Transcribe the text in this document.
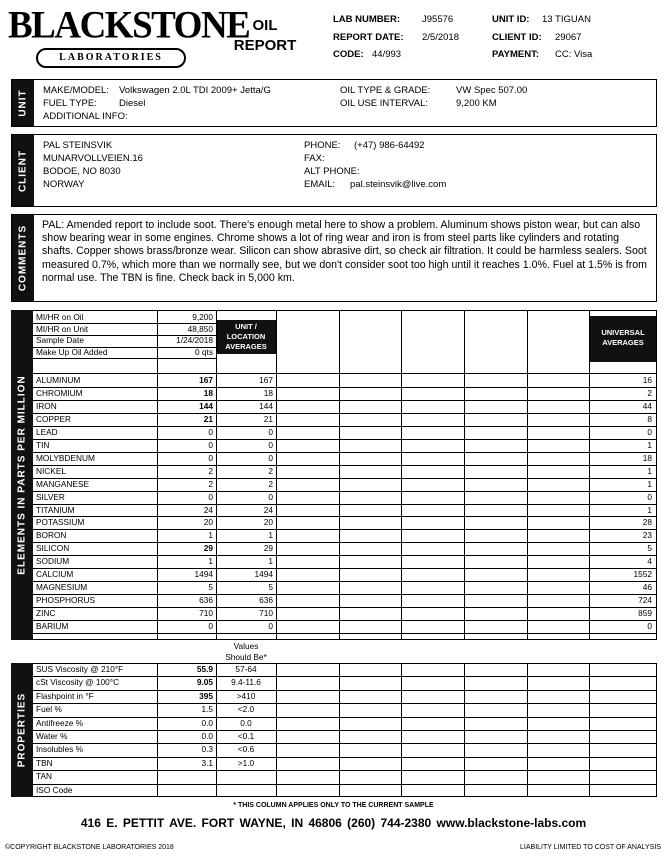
BLACKSTONE
LABORATORIES
OIL
REPORT
LAB NUMBER: J95576
REPORT DATE: 2/5/2018
CODE: 44/993
UNIT ID: 13 TIGUAN
CLIENT ID: 29067
PAYMENT: CC: Visa
UNIT MAKE/MODEL: Volkswagen 2.0L TDI 2009+ Jetta/G
FUEL TYPE: Diesel
ADDITIONAL INFO:
OIL TYPE & GRADE:	VW Spec 507.00
OIL USE INTERVAL:	9,200 KM
CLIENT
PAL STEINSVIK
MUNARVOLLVEIEN.16
BODOE, NO 8030
NORWAY
PHONE: (+47) 986-64492
FAX:
ALT PHONE:
EMAIL: pal.steinsvik@live.com
COMMENTS PAL: Amended report to include soot. There's enough metal here to show a problem. Aluminum shows piston wear, but can also show bearing wear in some engines. Chrome shows a lot of ring wear and iron is from steel parts like cylinders and rotating shafts. Copper shows brass/bronze wear. Silicon can show abrasive dirt, so check air filtration. It could be harmless sealers. Soot measured 0.7%, which more than we normally see, but we don't consider soot too high until it reaches 1.0%. Fuel at 1.5% is from normal use. The TBN is fine. Check back in 5,000 km.
ELEMENTS IN PARTS PER MILLION
MI/HR on Oil	9,200
MI/HR on Unit	48,850
Sample Date	1/24/2018
Make Up Oil Added	0 qts
UNIT / LOCATION AVERAGES
UNIVERSAL AVERAGES
ALUMINUM	167	167	16
CHROMIUM	18	18	2
IRON	144	144	44
COPPER	21	21	8
LEAD	0	0	0
TIN	0	0	1
MOLYBDENUM	0	0	18
NICKEL	2	2	1
MANGANESE	2	2	1
SILVER	0	0	0
TITANIUM	24	24	1
POTASSIUM	20	20	28
BORON	1	1	23
SILICON	29	29	5
SODIUM	1	1	4
CALCIUM	1494	1494	1552
MAGNESIUM	5	5	46
PHOSPHORUS	636	636	724
ZINC	710	710	859
BARIUM	0	0	0
Values
Should Be*
PROPERTIES
SUS Viscosity @ 210°F	55.9	57-64
cSt Viscosity @ 100°C	9.05	9.4-11.6
Flashpoint in °F	395	>410
Fuel %	1.5	<2.0
Antifreeze %	0.0	0.0
Water %	0.0	<0.1
Insolubles %	0.3	<0.6
TBN	3.1	>1.0
TAN
ISO Code
* THIS COLUMN APPLIES ONLY TO THE CURRENT SAMPLE
416 E. PETTIT AVE. FORT WAYNE, IN 46806 (260) 744-2380 www.blackstone-labs.com
©COPYRIGHT BLACKSTONE LABORATORIES 2018	LIABILITY LIMITED TO COST OF ANALYSIS
